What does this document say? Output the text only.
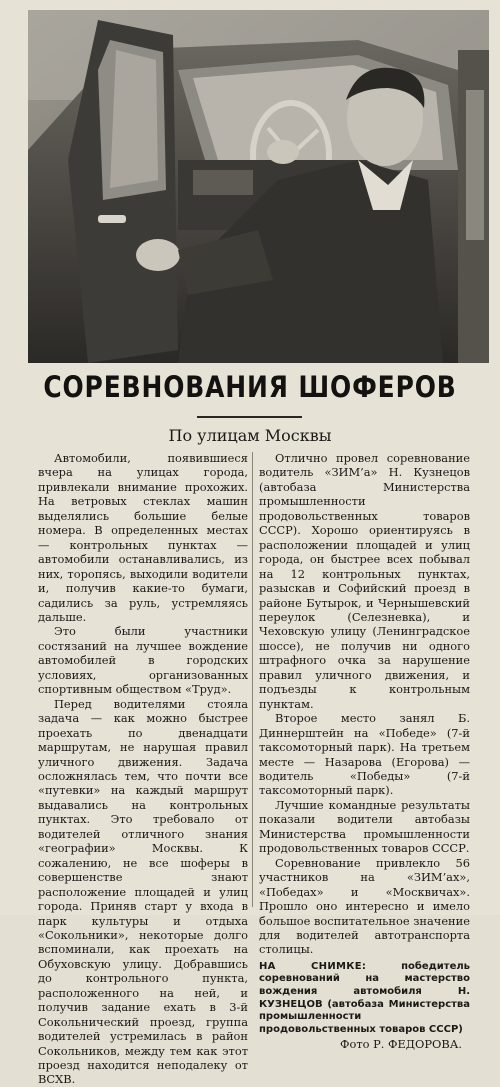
СОРЕВНОВАНИЯ ШОФЕРОВ
По улицам Москвы

Автомобили, появившиеся вчера на улицах города, привлекали внимание прохожих. На ветровых стеклах машин выделялись большие белые номера. В определенных местах — контрольных пунктах — автомобили останавливались, из них, торопясь, выходили водители и, получив какие-то бумаги, садились за руль, устремляясь дальше.

Это были участники состязаний на лучшее вождение автомобилей в городских условиях, организованных спортивным обществом «Труд».

Перед водителями стояла задача — как можно быстрее проехать по двенадцати маршрутам, не нарушая правил уличного движения. Задача осложнялась тем, что почти все «путевки» на каждый маршрут выдавались на контрольных пунктах. Это требовало от водителей отличного знания «географии» Москвы. К сожалению, не все шоферы в совершенстве знают расположение площадей и улиц города. Приняв старт у входа в парк культуры и отдыха «Сокольники», некоторые долго вспоминали, как проехать на Обуховскую улицу. Добравшись до контрольного пункта, расположенного на ней, и получив задание ехать в 3-й Сокольнический проезд, группа водителей устремилась в район Сокольников, между тем как этот проезд находится неподалеку от ВСХВ.

Отлично провел соревнование водитель «ЗИМ’а» Н. Кузнецов (автобаза Министерства промышленности продовольственных товаров СССР). Хорошо ориентируясь в расположении площадей и улиц города, он быстрее всех побывал на 12 контрольных пунктах, разыскав и Софийский проезд в районе Бутырок, и Чернышевский переулок (Селезневка), и Чеховскую улицу (Ленинградское шоссе), не получив ни одного штрафного очка за нарушение правил уличного движения, и подъезды к контрольным пунктам.

Второе место занял Б. Диннерштейн на «Победе» (7-й таксомоторный парк). На третьем месте — Назарова (Егорова) — водитель «Победы» (7-й таксомоторный парк).

Лучшие командные результаты показали водители автобазы Министерства промышленности продовольственных товаров СССР.

Соревнование привлекло 56 участников на «ЗИМ’ах», «Победах» и «Москвичах». Прошло оно интересно и имело большое воспитательное значение для водителей автотранспорта столицы.

НА СНИМКЕ:	победитель соревнований на мастерство вождения автомобиля Н. КУЗНЕЦОВ (автобаза Министерства промышленности продовольственных товаров СССР)
Фото Р. ФЕДОРОВА.
